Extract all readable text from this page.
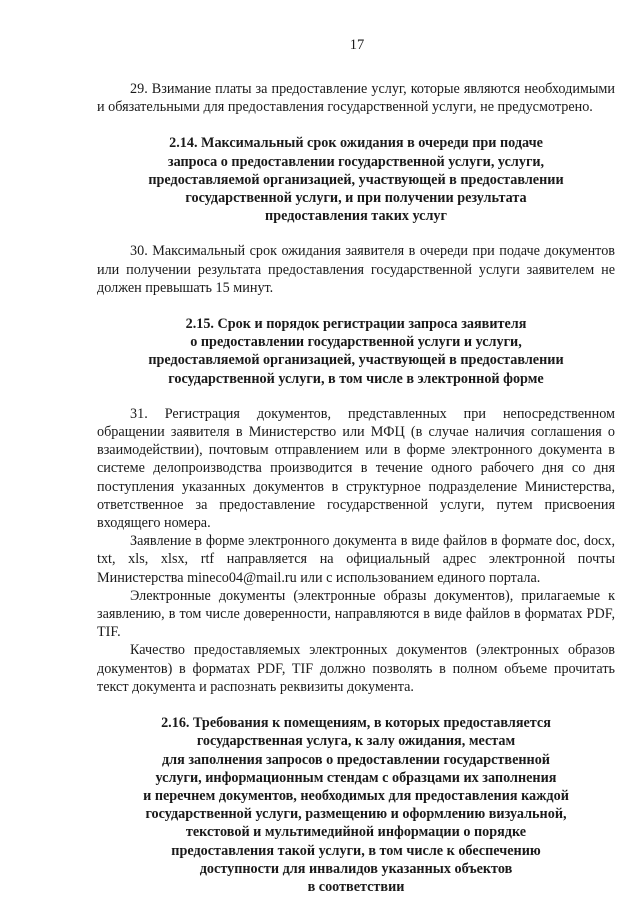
17

29. Взимание платы за предоставление услуг, которые являются необходимыми и обязательными для предоставления государственной услуги, не предусмотрено.

2.14. Максимальный срок ожидания в очереди при подаче
запроса о предоставлении государственной услуги, услуги,
предоставляемой организацией, участвующей в предоставлении
государственной услуги, и при получении результата
предоставления таких услуг

30. Максимальный срок ожидания заявителя в очереди при подаче документов или получении результата предоставления государственной услуги заявителем не должен превышать 15 минут.

2.15. Срок и порядок регистрации запроса заявителя
о предоставлении государственной услуги и услуги,
предоставляемой организацией, участвующей в предоставлении
государственной услуги, в том числе в электронной форме

31. Регистрация документов, представленных при непосредственном обращении заявителя в Министерство или МФЦ (в случае наличия соглашения о взаимодействии), почтовым отправлением или в форме электронного документа в системе делопроизводства производится в течение одного рабочего дня со дня поступления указанных документов в структурное подразделение Министерства, ответственное за предоставление государственной услуги, путем присвоения входящего номера.

Заявление в форме электронного документа в виде файлов в формате doc, docx, txt, xls, xlsx, rtf направляется на официальный адрес электронной почты Министерства mineco04@mail.ru или с использованием единого портала.

Электронные документы (электронные образы документов), прилагаемые к заявлению, в том числе доверенности, направляются в виде файлов в форматах PDF, TIF.

Качество предоставляемых электронных документов (электронных образов документов) в форматах PDF, TIF должно позволять в полном объеме прочитать текст документа и распознать реквизиты документа.

2.16. Требования к помещениям, в которых предоставляется
государственная услуга, к залу ожидания, местам
для заполнения запросов о предоставлении государственной
услуги, информационным стендам с образцами их заполнения
и перечнем документов, необходимых для предоставления каждой
государственной услуги, размещению и оформлению визуальной,
текстовой и мультимедийной информации о порядке
предоставления такой услуги, в том числе к обеспечению
доступности для инвалидов указанных объектов
в соответствии
